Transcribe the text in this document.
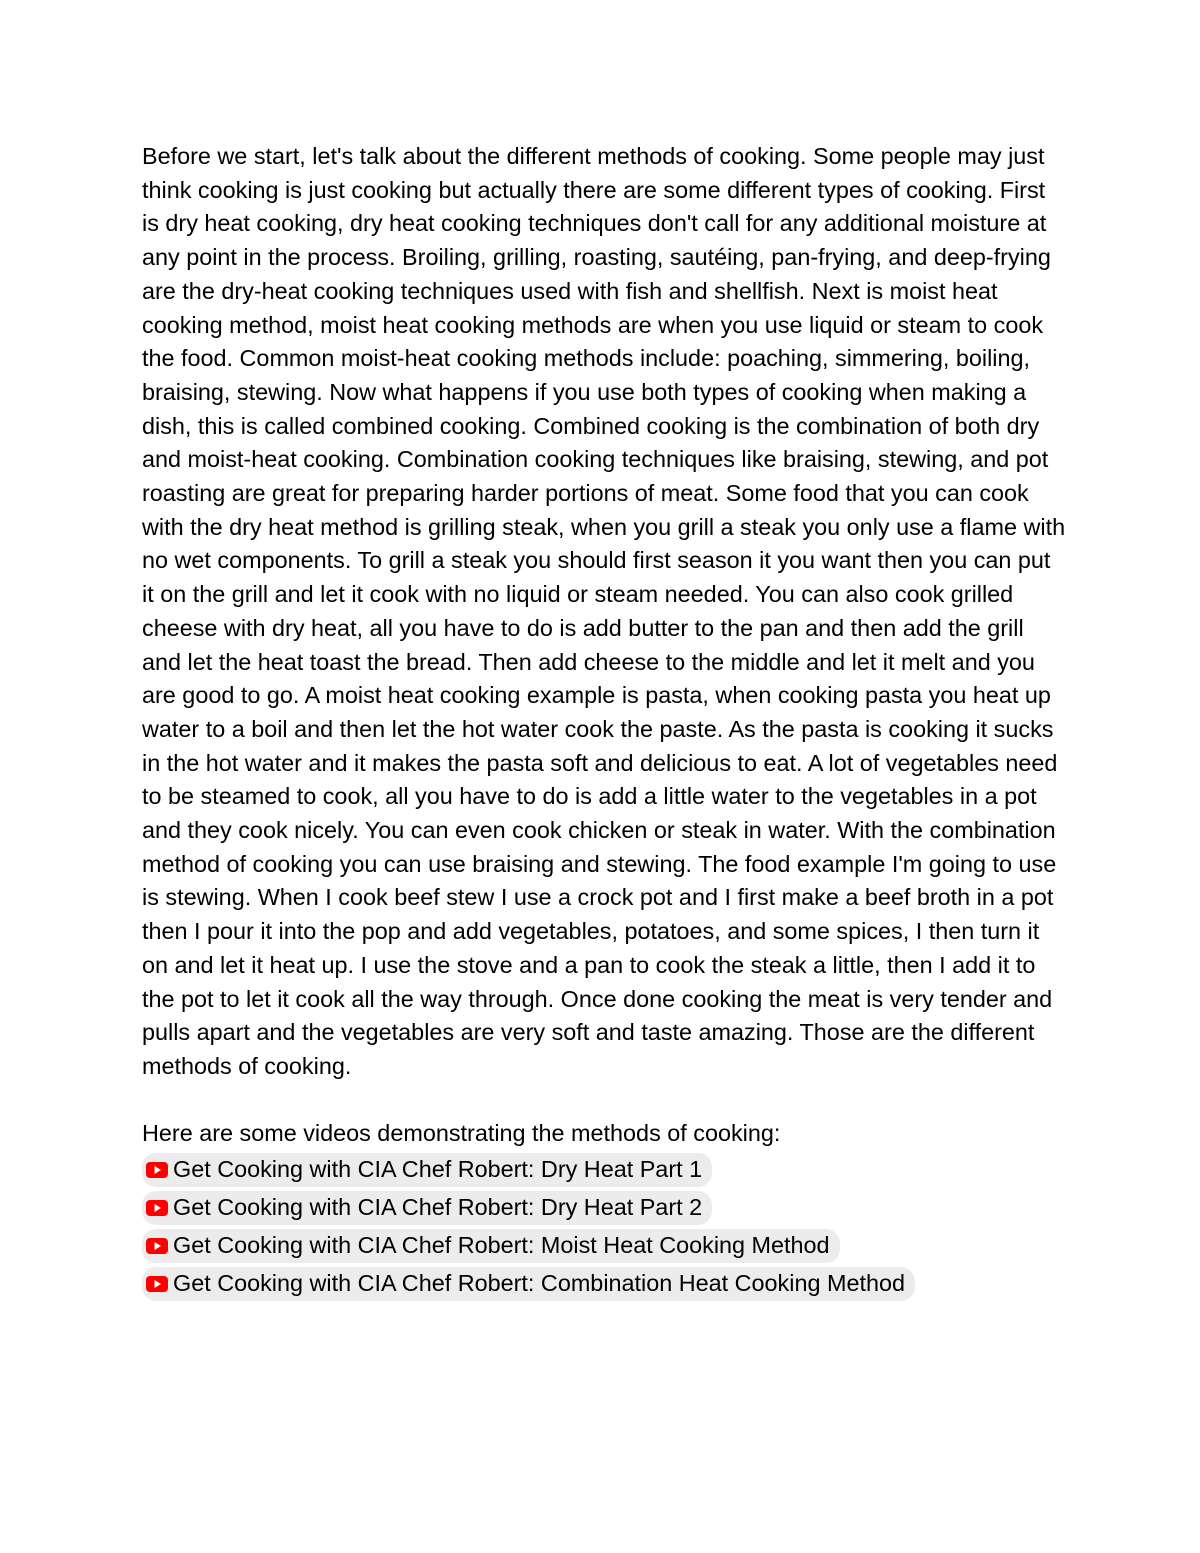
Before we start, let's talk about the different methods of cooking. Some people may just think cooking is just cooking but actually there are some different types of cooking. First is dry heat cooking, dry heat cooking techniques don't call for any additional moisture at any point in the process. Broiling, grilling, roasting, sautéing, pan-frying, and deep-frying are the dry-heat cooking techniques used with fish and shellfish. Next is moist heat cooking method, moist heat cooking methods are when you use liquid or steam to cook the food. Common moist-heat cooking methods include: poaching, simmering, boiling, braising, stewing. Now what happens if you use both types of cooking when making a dish, this is called combined cooking. Combined cooking is the combination of both dry and moist-heat cooking. Combination cooking techniques like braising, stewing, and pot roasting are great for preparing harder portions of meat. Some food that you can cook with the dry heat method is grilling steak, when you grill a steak you only use a flame with no wet components. To grill a steak you should first season it you want then you can put it on the grill and let it cook with no liquid or steam needed. You can also cook grilled cheese with dry heat, all you have to do is add butter to the pan and then add the grill and let the heat toast the bread. Then add cheese to the middle and let it melt and you are good to go. A moist heat cooking example is pasta, when cooking pasta you heat up water to a boil and then let the hot water cook the paste. As the pasta is cooking it sucks in the hot water and it makes the pasta soft and delicious to eat. A lot of vegetables need to be steamed to cook, all you have to do is add a little water to the vegetables in a pot and they cook nicely. You can even cook chicken or steak in water. With the combination method of cooking you can use braising and stewing. The food example I'm going to use is stewing. When I cook beef stew I use a crock pot and I first make a beef broth in a pot then I pour it into the pop and add vegetables, potatoes, and some spices, I then turn it on and let it heat up. I use the stove and a pan to cook the steak a little, then I add it to the pot to let it cook all the way through. Once done cooking the meat is very tender and pulls apart and the vegetables are very soft and taste amazing. Those are the different methods of cooking.

Here are some videos demonstrating the methods of cooking:

Get Cooking with CIA Chef Robert: Dry Heat Part 1
Get Cooking with CIA Chef Robert: Dry Heat Part 2
Get Cooking with CIA Chef Robert: Moist Heat Cooking Method
Get Cooking with CIA Chef Robert: Combination Heat Cooking Method
